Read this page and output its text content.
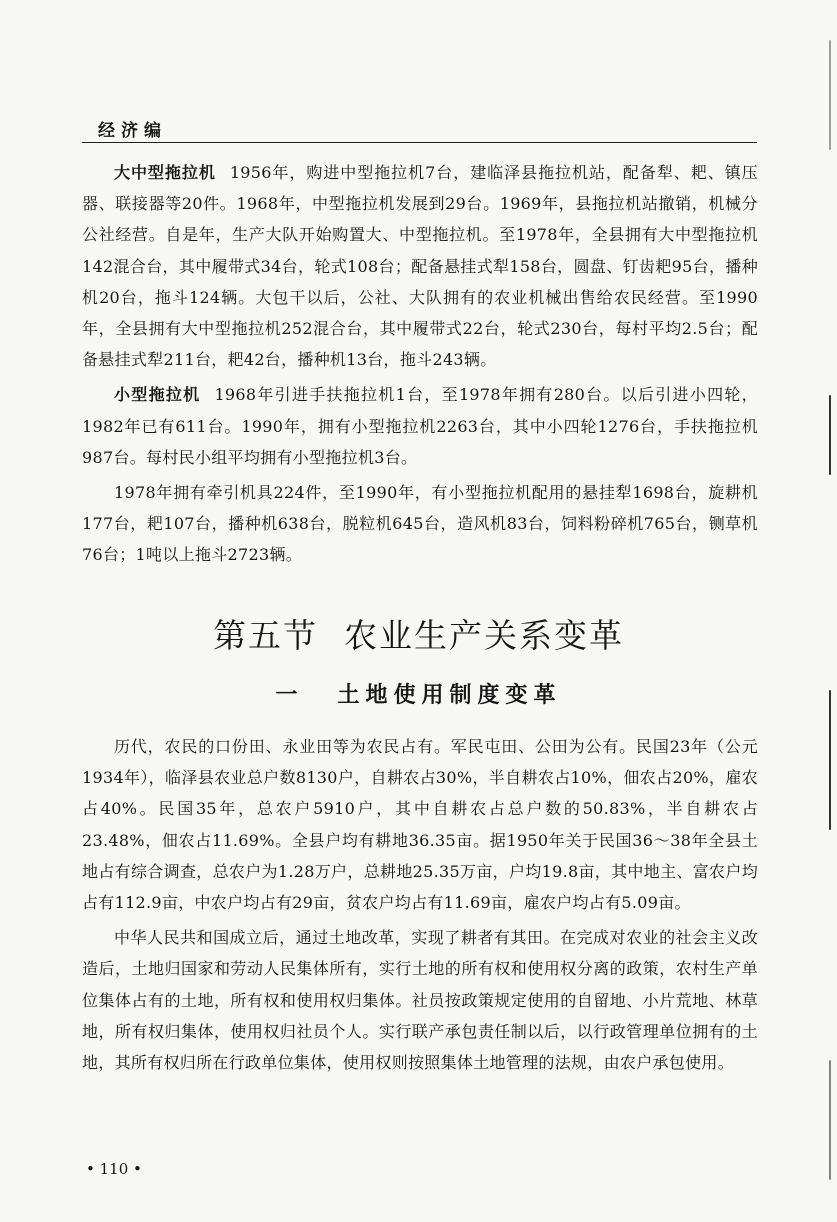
经济编

大中型拖拉机 1956年，购进中型拖拉机7台，建临泽县拖拉机站，配备犁、耙、镇压器、联接器等20件。1968年，中型拖拉机发展到29台。1969年，县拖拉机站撤销，机械分公社经营。自是年，生产大队开始购置大、中型拖拉机。至1978年，全县拥有大中型拖拉机142混合台，其中履带式34台，轮式108台；配备悬挂式犁158台，圆盘、钉齿耙95台，播种机20台，拖斗124辆。大包干以后，公社、大队拥有的农业机械出售给农民经营。至1990年，全县拥有大中型拖拉机252混合台，其中履带式22台，轮式230台，每村平均2.5台；配备悬挂式犁211台，耙42台，播种机13台，拖斗243辆。

小型拖拉机 1968年引进手扶拖拉机1台，至1978年拥有280台。以后引进小四轮，1982年已有611台。1990年，拥有小型拖拉机2263台，其中小四轮1276台，手扶拖拉机987台。每村民小组平均拥有小型拖拉机3台。

1978年拥有牵引机具224件，至1990年，有小型拖拉机配用的悬挂犁1698台，旋耕机177台，耙107台，播种机638台，脱粒机645台，造风机83台，饲料粉碎机765台，铡草机76台；1吨以上拖斗2723辆。

第五节 农业生产关系变革
一 土地使用制度变革

历代，农民的口份田、永业田等为农民占有。军民屯田、公田为公有。民国23年（公元1934年），临泽县农业总户数8130户，自耕农占30%，半自耕农占10%，佃农占20%，雇农占40%。民国35年，总农户5910户，其中自耕农占总户数的50.83%，半自耕农占23.48%，佃农占11.69%。全县户均有耕地36.35亩。据1950年关于民国36～38年全县土地占有综合调查，总农户为1.28万户，总耕地25.35万亩，户均19.8亩，其中地主、富农户均占有112.9亩，中农户均占有29亩，贫农户均占有11.69亩，雇农户均占有5.09亩。

中华人民共和国成立后，通过土地改革，实现了耕者有其田。在完成对农业的社会主义改造后，土地归国家和劳动人民集体所有，实行土地的所有权和使用权分离的政策，农村生产单位集体占有的土地，所有权和使用权归集体。社员按政策规定使用的自留地、小片荒地、林草地，所有权归集体，使用权归社员个人。实行联产承包责任制以后，以行政管理单位拥有的土地，其所有权归所在行政单位集体，使用权则按照集体土地管理的法规，由农户承包使用。

• 110 •
